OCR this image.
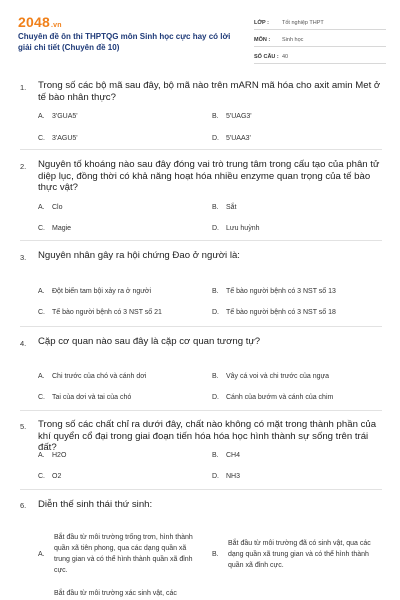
2048.vn
Chuyên đề ôn thi THPTQG môn Sinh học cực hay có lời giải chi tiết (Chuyên đề 10)
LỚP :	Tốt nghiệp THPT
MÔN :	Sinh học
SỐ CÂU : 40
1. Trong số các bộ mã sau đây, bộ mã nào trên mARN mã hóa cho axit amin Met ở tế bào nhân thực?
A.	3'GUA5'	B.	5'UAG3'
C.	3'AGU5'	D.	5'UAA3'
2. Nguyên tố khoáng nào sau đây đóng vai trò trung tâm trong cấu tạo của phân tử diệp lục, đồng thời có khả năng hoạt hóa nhiều enzyme quan trọng của tế bào thực vật?
A.	Clo	B.	Sắt
C.	Magie	D.	Lưu huỳnh
3. Nguyên nhân gây ra hội chứng Đao ở người là:
A.	Đột biến tam bội xảy ra ở người	B.	Tế bào người bệnh có 3 NST số 13
C.	Tế bào người bệnh có 3 NST số 21	D.	Tế bào người bệnh có 3 NST số 18
4. Cặp cơ quan nào sau đây là cặp cơ quan tương tự?
A.	Chi trước của chó và cánh dơi	B.	Vây cá voi và chi trước của ngựa
C.	Tai của dơi và tai của chó	D.	Cánh của bướm và cánh của chim
5. Trong số các chất chỉ ra dưới đây, chất nào không có mặt trong thành phần của khí quyển cổ đại trong giai đoạn tiến hóa hóa học hình thành sự sống trên trái đất?
A.	H2O	B.	CH4
C.	O2	D.	NH3
6. Diễn thế sinh thái thứ sinh:
A.
Bắt đầu từ môi trường trống trơn, hình thành quần xã tiên phong, qua các dạng quần xã trung gian và có thể hình thành quần xã đỉnh cực.
B.
Bắt đầu từ môi trường đã có sinh vật, qua các dạng quần xã trung gian và có thể hình thành quần xã đỉnh cực.
Bắt đầu từ môi trường xác sinh vật, các
